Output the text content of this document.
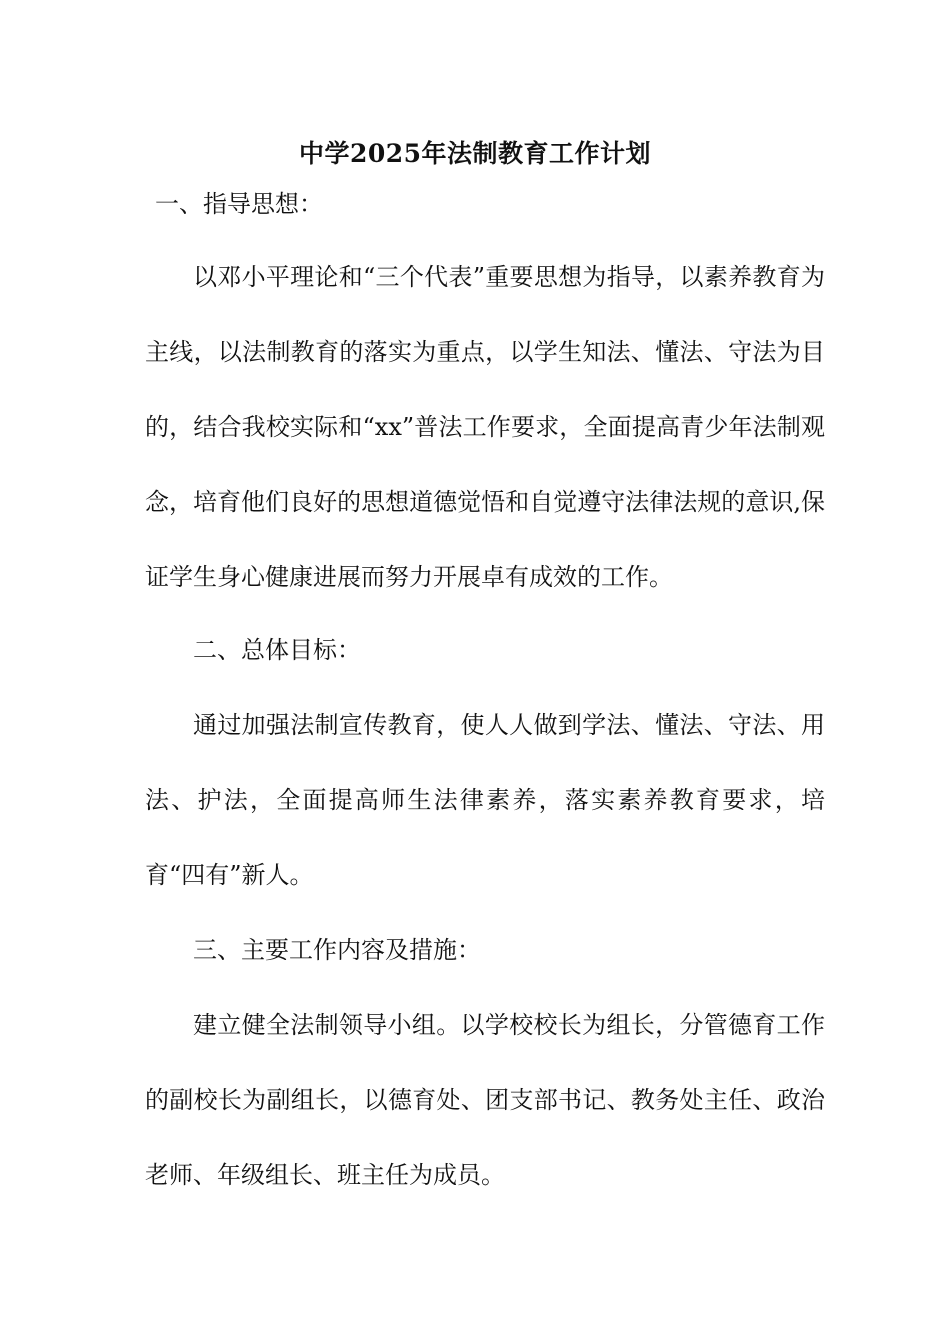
中学2025年法制教育工作计划
一、指导思想：

以邓小平理论和“三个代表”重要思想为指导，以素养教育为主线，以法制教育的落实为重点，以学生知法、懂法、守法为目的，结合我校实际和“xx”普法工作要求，全面提高青少年法制观念，培育他们良好的思想道德觉悟和自觉遵守法律法规的意识,保证学生身心健康进展而努力开展卓有成效的工作。

二、总体目标：

通过加强法制宣传教育，使人人做到学法、懂法、守法、用法、护法，全面提高师生法律素养，落实素养教育要求，培育“四有”新人。

三、主要工作内容及措施：

建立健全法制领导小组。以学校校长为组长，分管德育工作的副校长为副组长，以德育处、团支部书记、教务处主任、政治老师、年级组长、班主任为成员。
